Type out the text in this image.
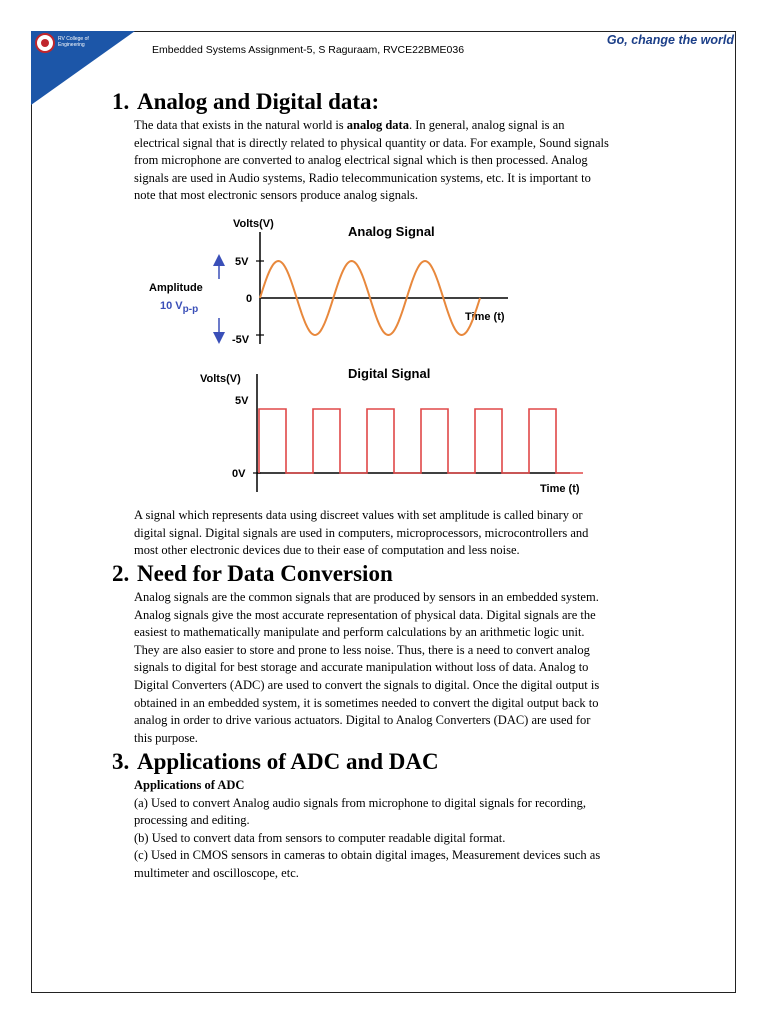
RV College of Engineering	Embedded Systems Assignment-5, S Raguraam, RVCE22BME036
Go, change the world
1. Analog and Digital data:

The data that exists in the natural world is analog data. In general, analog signal is an
electrical signal that is directly related to physical quantity or data. For example, Sound signals
from microphone are converted to analog electrical signal which is then processed. Analog
signals are used in Audio systems, Radio telecommunication systems, etc. It is important to
note that most electronic sensors produce analog signals.

Volts(V)	Analog Signal
5V
0
-5V
Time (t)
Amplitude
10 Vp-p
Volts(V)	Digital Signal
5V
0V
Time (t)

A signal which represents data using discreet values with set amplitude is called binary or
digital signal. Digital signals are used in computers, microprocessors, microcontrollers and
most other electronic devices due to their ease of computation and less noise.

2. Need for Data Conversion

Analog signals are the common signals that are produced by sensors in an embedded system.
Analog signals give the most accurate representation of physical data. Digital signals are the
easiest to mathematically manipulate and perform calculations by an arithmetic logic unit.
They are also easier to store and prone to less noise. Thus, there is a need to convert analog
signals to digital for best storage and accurate manipulation without loss of data. Analog to
Digital Converters (ADC) are used to convert the signals to digital. Once the digital output is
obtained in an embedded system, it is sometimes needed to convert the digital output back to
analog in order to drive various actuators. Digital to Analog Converters (DAC) are used for
this purpose.

3. Applications of ADC and DAC

Applications of ADC
(a) Used to convert Analog audio signals from microphone to digital signals for recording,
processing and editing.
(b) Used to convert data from sensors to computer readable digital format.
(c) Used in CMOS sensors in cameras to obtain digital images, Measurement devices such as
multimeter and oscilloscope, etc.
